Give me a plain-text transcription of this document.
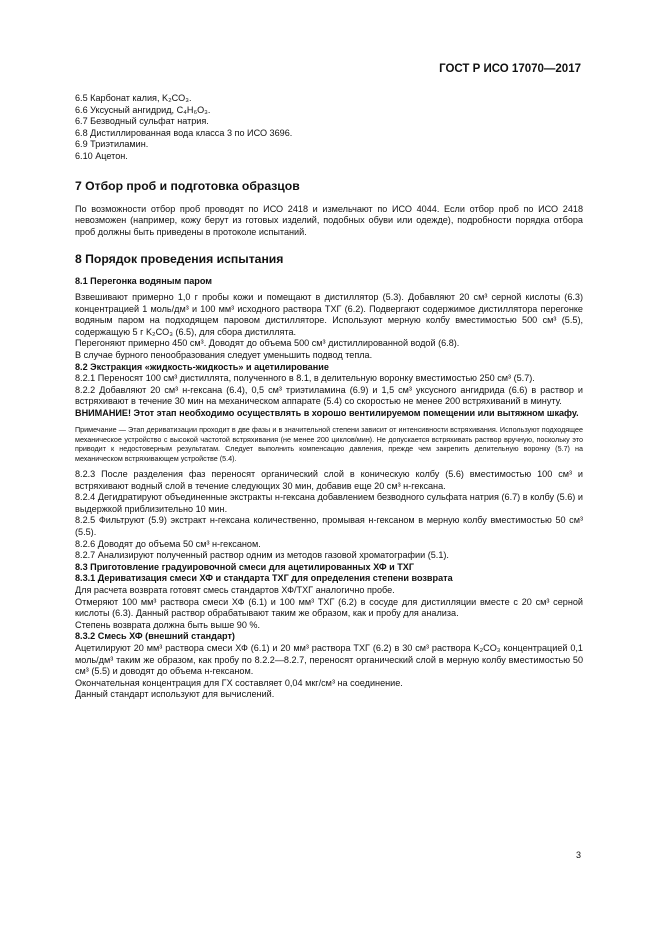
ГОСТ Р ИСО 17070—2017

6.5 Карбонат калия, K₂CO₃.

6.6 Уксусный ангидрид, C₄H₆O₃.

6.7 Безводный сульфат натрия.

6.8 Дистиллированная вода класса 3 по ИСО 3696.

6.9 Триэтиламин.

6.10 Ацетон.

7 Отбор проб и подготовка образцов

По возможности отбор проб проводят по ИСО 2418 и измельчают по ИСО 4044. Если отбор проб по ИСО 2418 невозможен (например, кожу берут из готовых изделий, подобных обуви или одежде), подробности порядка отбора проб должны быть приведены в протоколе испытаний.

8 Порядок проведения испытания

8.1 Перегонка водяным паром

Взвешивают примерно 1,0 г пробы кожи и помещают в дистиллятор (5.3). Добавляют 20 см³ серной кислоты (6.3) концентрацией 1 моль/дм³ и 100 мм³ исходного раствора ТХГ (6.2). Подвергают содержимое дистиллятора перегонке водяным паром на подходящем паровом дистилляторе. Используют мерную колбу вместимостью 500 см³ (5.5), содержащую 5 г K₂CO₃ (6.5), для сбора дистиллята.

Перегоняют примерно 450 см³. Доводят до объема 500 см³ дистиллированной водой (6.8).

В случае бурного пенообразования следует уменьшить подвод тепла.

8.2 Экстракция «жидкость-жидкость» и ацетилирование

8.2.1 Переносят 100 см³ дистиллята, полученного в 8.1, в делительную воронку вместимостью 250 см³ (5.7).

8.2.2 Добавляют 20 см³ н-гексана (6.4), 0,5 см³ триэтиламина (6.9) и 1,5 см³ уксусного ангидрида (6.6) в раствор и встряхивают в течение 30 мин на механическом аппарате (5.4) со скоростью не менее 200 встряхиваний в минуту.

ВНИМАНИЕ! Этот этап необходимо осуществлять в хорошо вентилируемом помещении или вытяжном шкафу.

Примечание — Этап дериватизации проходит в две фазы и в значительной степени зависит от интенсивности встряхивания. Используют подходящее механическое устройство с высокой частотой встряхивания (не менее 200 циклов/мин). Не допускается встряхивать раствор вручную, поскольку это приводит к недостоверным результатам. Следует выполнить компенсацию давления, прежде чем закрепить делительную воронку (5.7) на механическом встряхивающем устройстве (5.4).

8.2.3 После разделения фаз переносят органический слой в коническую колбу (5.6) вместимостью 100 см³ и встряхивают водный слой в течение следующих 30 мин, добавив еще 20 см³ н-гексана.

8.2.4 Дегидратируют объединенные экстракты н-гексана добавлением безводного сульфата натрия (6.7) в колбу (5.6) и выдержкой приблизительно 10 мин.

8.2.5 Фильтруют (5.9) экстракт н-гексана количественно, промывая н-гексаном в мерную колбу вместимостью 50 см³ (5.5).

8.2.6 Доводят до объема 50 см³ н-гексаном.

8.2.7 Анализируют полученный раствор одним из методов газовой хроматографии (5.1).

8.3 Приготовление градуировочной смеси для ацетилированных ХФ и ТХГ

8.3.1 Дериватизация смеси ХФ и стандарта ТХГ для определения степени возврата

Для расчета возврата готовят смесь стандартов ХФ/ТХГ аналогично пробе.

Отмеряют 100 мм³ раствора смеси ХФ (6.1) и 100 мм³ ТХГ (6.2) в сосуде для дистилляции вместе с 20 см³ серной кислоты (6.3). Данный раствор обрабатывают таким же образом, как и пробу для анализа.

Степень возврата должна быть выше 90 %.

8.3.2 Смесь ХФ (внешний стандарт)

Ацетилируют 20 мм³ раствора смеси ХФ (6.1) и 20 мм³ раствора ТХГ (6.2) в 30 см³ раствора K₂CO₃ концентрацией 0,1 моль/дм³ таким же образом, как пробу по 8.2.2—8.2.7, переносят органический слой в мерную колбу вместимостью 50 см³ (5.5) и доводят до объема н-гексаном.

Окончательная концентрация для ГХ составляет 0,04 мкг/см³ на соединение.

Данный стандарт используют для вычислений.

3
